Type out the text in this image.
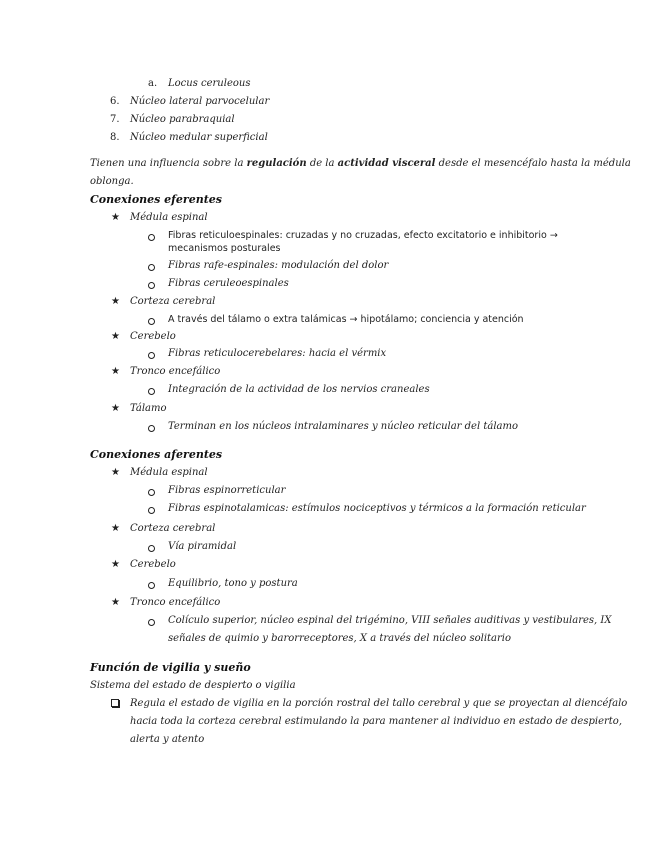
a. Locus ceruleous
6. Núcleo lateral parvocelular
7. Núcleo parabraquial
8. Núcleo medular superficial
Tienen una influencia sobre la regulación de la actividad visceral desde el mesencéfalo hasta la médula
oblonga.
Conexiones eferentes
★ Médula espinal
Fibras reticuloespinales: cruzadas y no cruzadas, efecto excitatorio e inhibitorio →
mecanismos posturales
Fibras rafe-espinales: modulación del dolor
Fibras ceruleoespinales
★ Corteza cerebral
A través del tálamo o extra talámicas → hipotálamo; conciencia y atención
★ Cerebelo
Fibras reticulocerebelares: hacia el vérmix
★ Tronco encefálico
Integración de la actividad de los nervios craneales
★ Tálamo
Terminan en los núcleos intralaminares y núcleo reticular del tálamo
Conexiones aferentes
★ Médula espinal
Fibras espinorreticular
Fibras espinotalamicas: estímulos nociceptivos y térmicos a la formación reticular
★ Corteza cerebral
Vía piramidal
★ Cerebelo
Equilibrio, tono y postura
★ Tronco encefálico
Colículo superior, núcleo espinal del trigémino, VIII señales auditivas y vestibulares, IX
señales de quimio y barorreceptores, X a través del núcleo solitario
Función de vigilia y sueño
Sistema del estado de despierto o vigilia
Regula el estado de vigilia en la porción rostral del tallo cerebral y que se proyectan al diencéfalo
hacia toda la corteza cerebral estimulando la para mantener al individuo en estado de despierto,
alerta y atento
